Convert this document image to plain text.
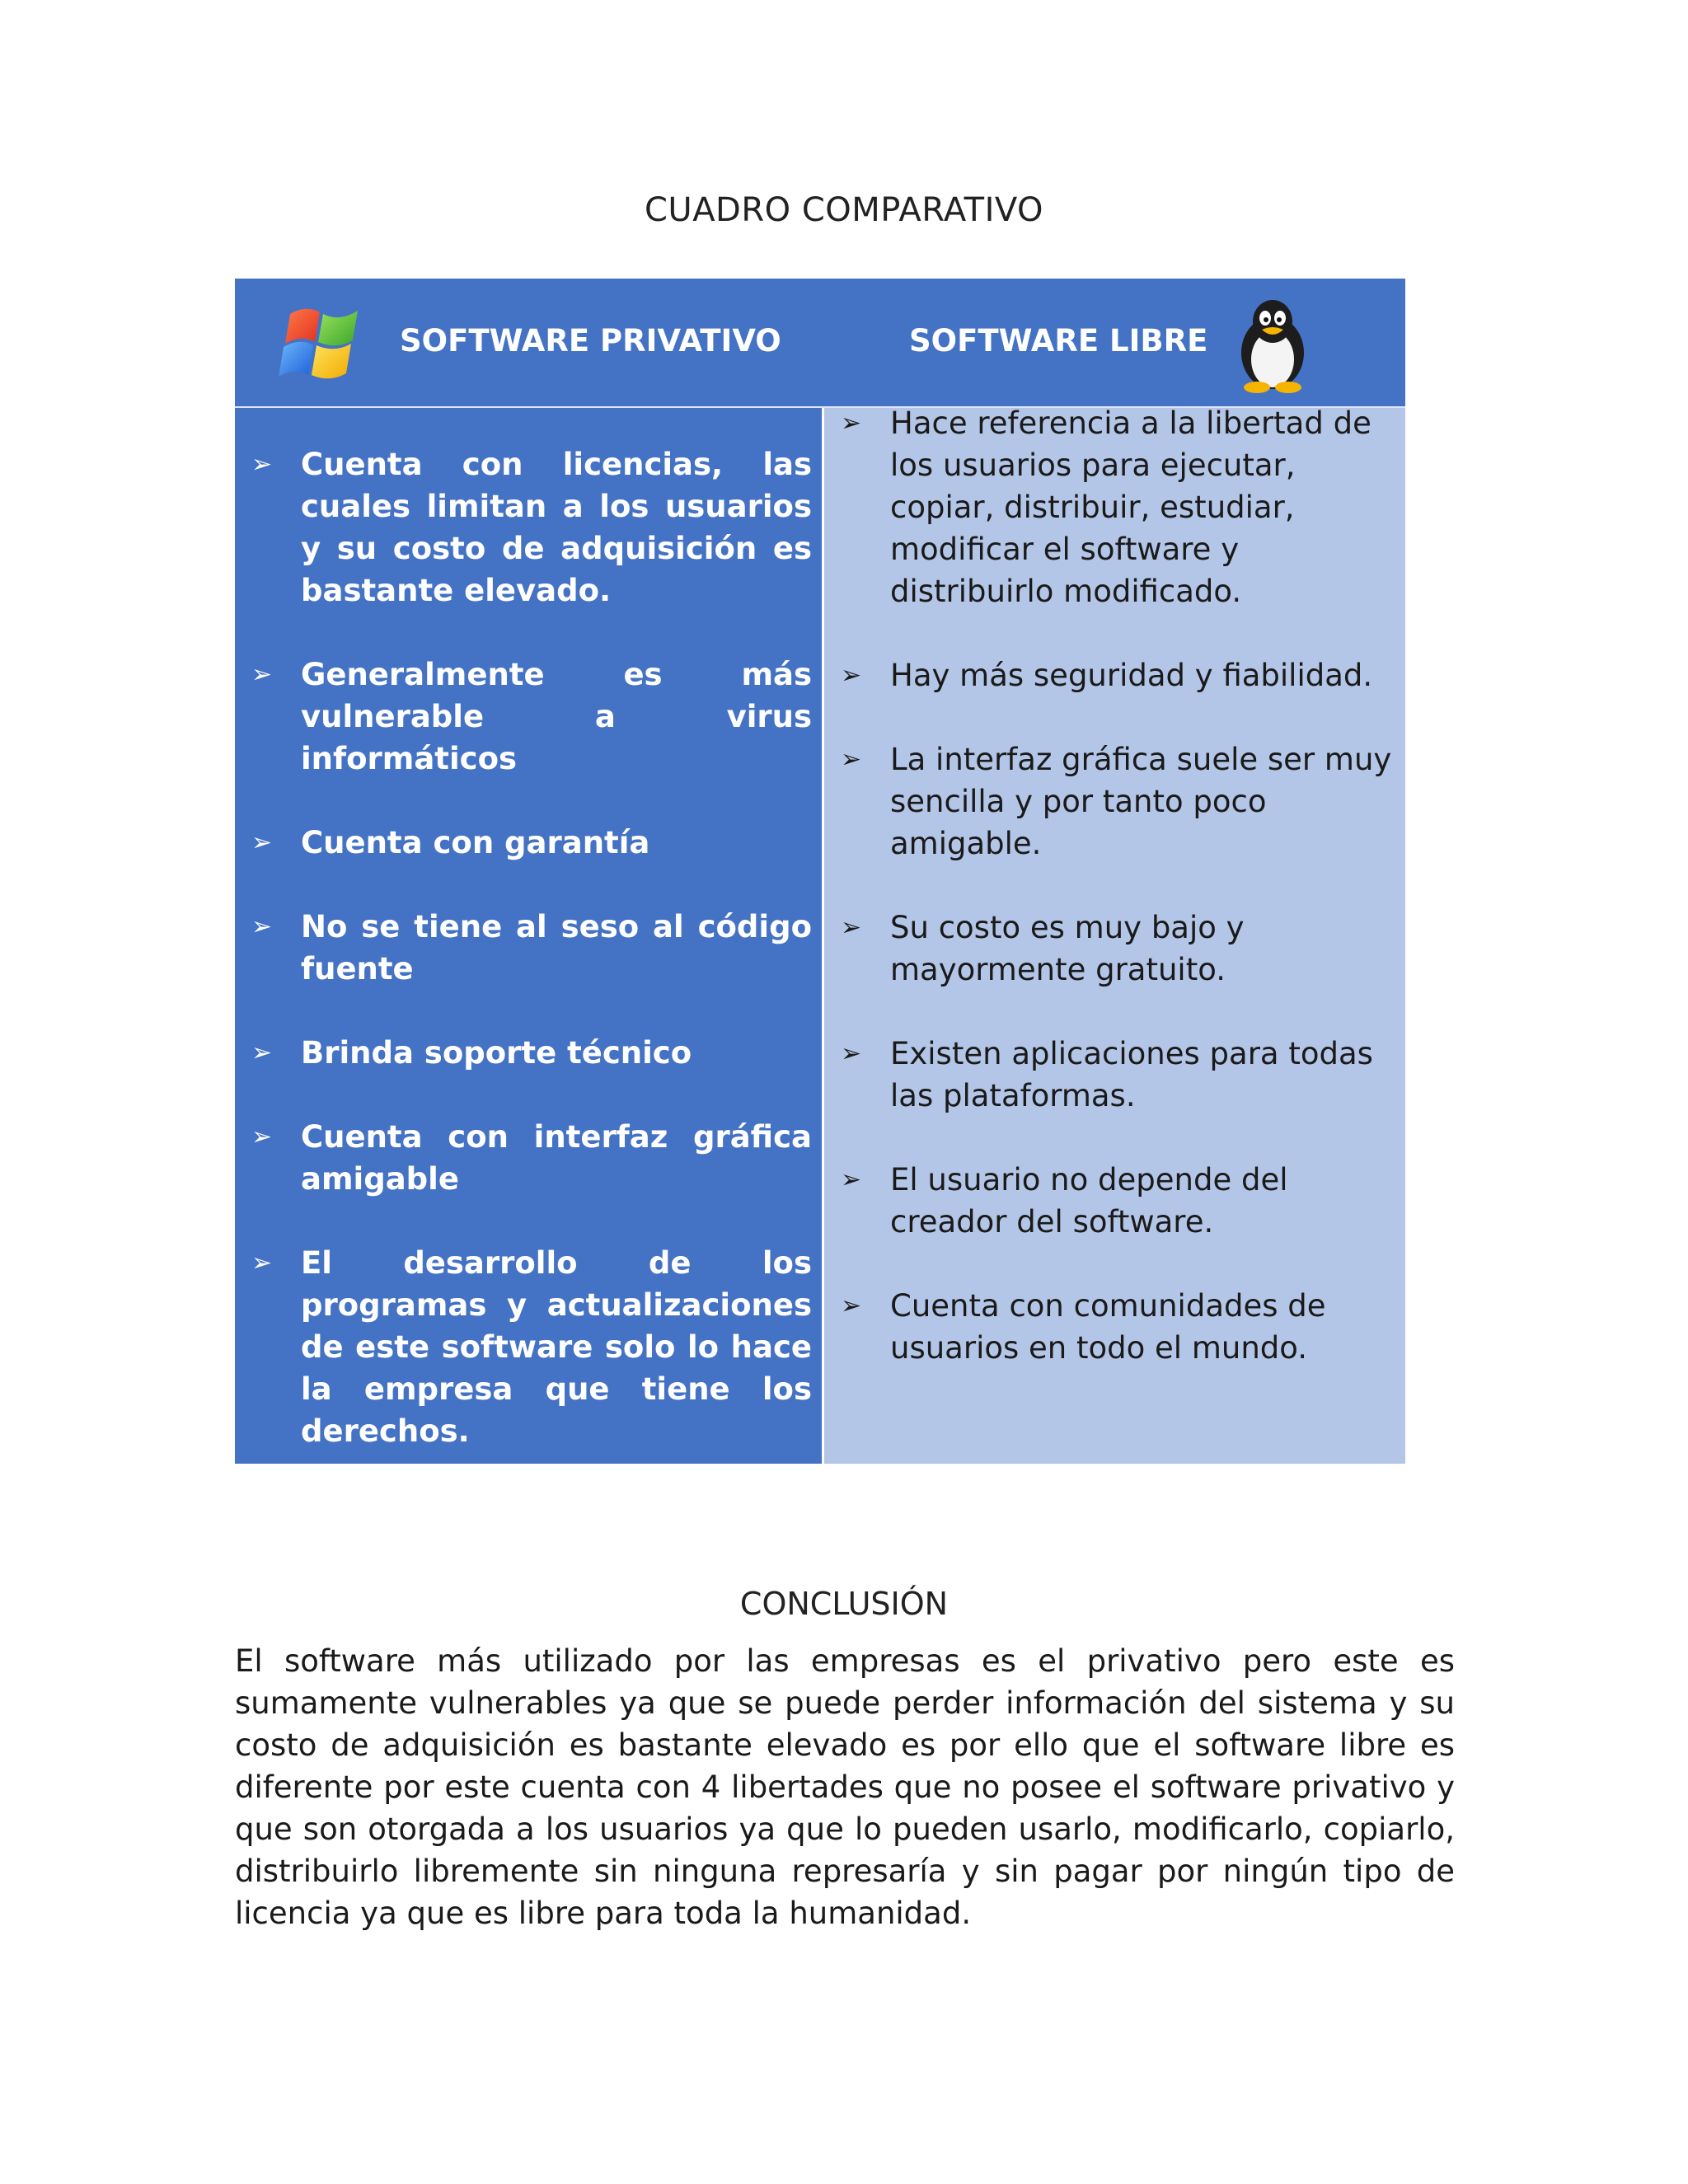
CUADRO COMPARATIVO
SOFTWARE PRIVATIVO	SOFTWARE LIBRE
➢ Cuenta con licencias, las cuales limitan a los usuarios y su costo de adquisición es bastante elevado.
➢ Generalmente es más vulnerable a virus informáticos
➢ Cuenta con garantía
➢ No se tiene al seso al código fuente
➢ Brinda soporte técnico
➢ Cuenta con interfaz gráfica amigable
➢ El desarrollo de los programas y actualizaciones de este software solo lo hace la empresa que tiene los derechos.
➢ Hace referencia a la libertad de los usuarios para ejecutar, copiar, distribuir, estudiar, modificar el software y distribuirlo modificado.
➢ Hay más seguridad y fiabilidad.
➢ La interfaz gráfica suele ser muy sencilla y por tanto poco amigable.
➢ Su costo es muy bajo y mayormente gratuito.
➢ Existen aplicaciones para todas las plataformas.
➢ El usuario no depende del creador del software.
➢ Cuenta con comunidades de usuarios en todo el mundo.
CONCLUSIÓN
El software más utilizado por las empresas es el privativo pero este es sumamente vulnerables ya que se puede perder información del sistema y su costo de adquisición es bastante elevado es por ello que el software libre es diferente por este cuenta con 4 libertades que no posee el software privativo y que son otorgada a los usuarios ya que lo pueden usarlo, modificarlo, copiarlo, distribuirlo libremente sin ninguna represaría y sin pagar por ningún tipo de licencia ya que es libre para toda la humanidad.
